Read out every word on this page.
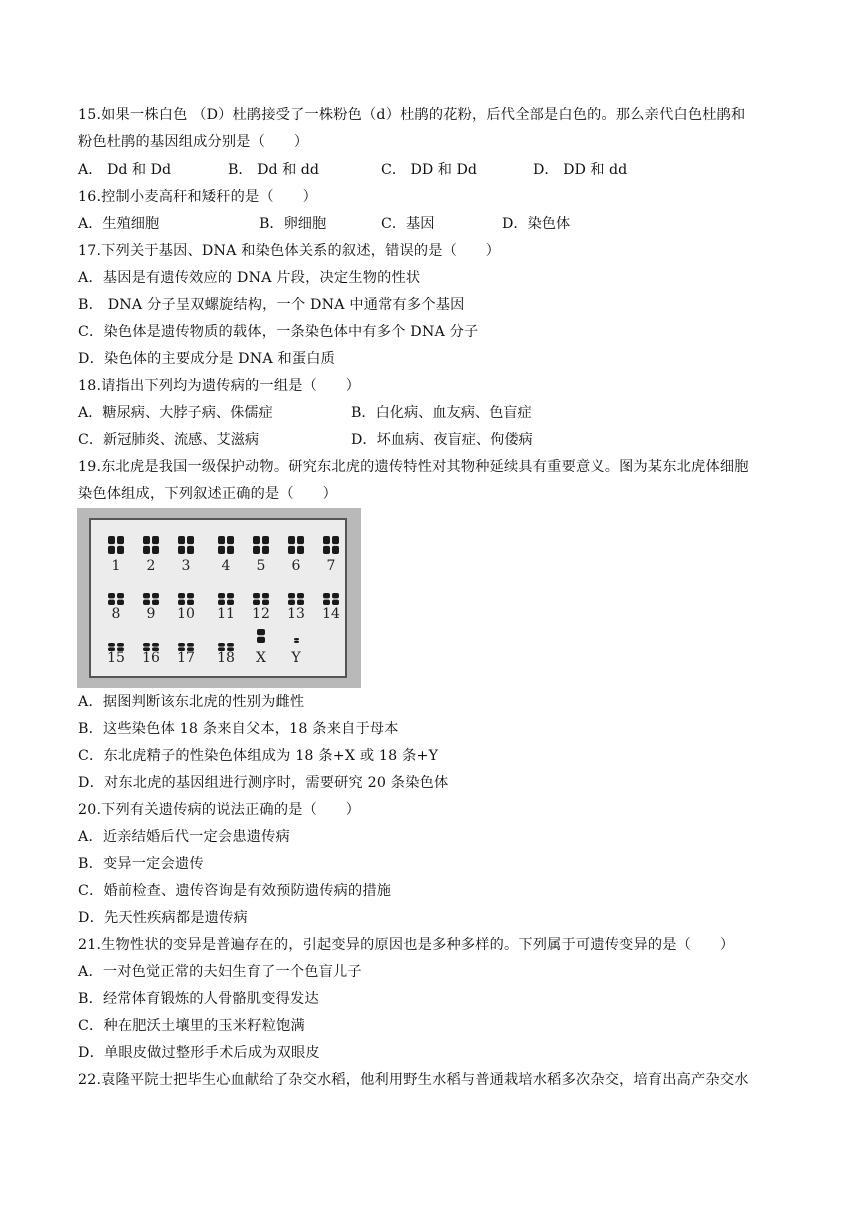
15.如果一株白色 （D）杜鹃接受了一株粉色（d）杜鹃的花粉，后代全部是白色的。那么亲代白色杜鹃和
粉色杜鹃的基因组成分别是（　　）
A． Dd 和 Dd	B． Dd 和 dd	C． DD 和 Dd	D． DD 和 dd
16.控制小麦高秆和矮秆的是（　　）
A．生殖细胞	B．卵细胞	C．基因	D．染色体
17.下列关于基因、DNA 和染色体关系的叙述，错误的是（　　）
A．基因是有遗传效应的 DNA 片段，决定生物的性状
B． DNA 分子呈双螺旋结构，一个 DNA 中通常有多个基因
C．染色体是遗传物质的载体，一条染色体中有多个 DNA 分子
D．染色体的主要成分是 DNA 和蛋白质
18.请指出下列均为遗传病的一组是（　　）
A．糖尿病、大脖子病、侏儒症	B．白化病、血友病、色盲症
C．新冠肺炎、流感、艾滋病	D．坏血病、夜盲症、佝偻病
19.东北虎是我国一级保护动物。研究东北虎的遗传特性对其物种延续具有重要意义。图为某东北虎体细胞
染色体组成，下列叙述正确的是（　　）
1	2	3	4	5	6	7
8	9	10 11 12 13 14
15 16 17 18	X	Y
A．据图判断该东北虎的性别为雌性
B．这些染色体 18 条来自父本，18 条来自于母本
C．东北虎精子的性染色体组成为 18 条+X 或 18 条+Y
D．对东北虎的基因组进行测序时，需要研究 20 条染色体
20.下列有关遗传病的说法正确的是（　　）
A．近亲结婚后代一定会患遗传病
B．变异一定会遗传
C．婚前检查、遗传咨询是有效预防遗传病的措施
D．先天性疾病都是遗传病
21.生物性状的变异是普遍存在的，引起变异的原因也是多种多样的。下列属于可遗传变异的是（　　）
A．一对色觉正常的夫妇生育了一个色盲儿子
B．经常体育锻炼的人骨骼肌变得发达
C．种在肥沃土壤里的玉米籽粒饱满
D．单眼皮做过整形手术后成为双眼皮
22.袁隆平院士把毕生心血献给了杂交水稻，他利用野生水稻与普通栽培水稻多次杂交，培育出高产杂交水
